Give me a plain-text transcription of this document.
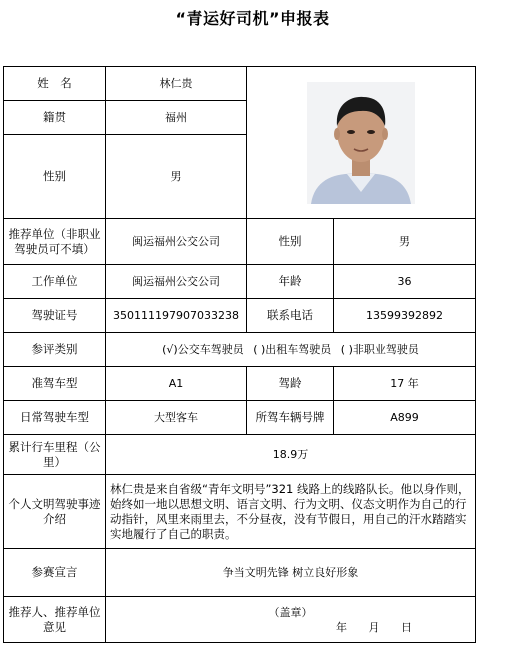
“青运好司机”申报表
姓　名	林仁贵	

籍贯	福州		
性别	男		
推荐单位（非职业驾驶员可不填）	闽运福州公交公司	性别	男
工作单位	闽运福州公交公司	年龄	36
驾驶证号	350111197907033238	联系电话	13599392892
参评类别	(√)公交车驾驶员 ( )出租车驾驶员 ( )非职业驾驶员		
准驾车型	A1	驾龄	17 年
日常驾驶车型	大型客车	所驾车辆号牌	A899
累计行车里程（公里）	18.9万		
个人文明驾驶事迹介绍	林仁贵是来自省级“青年文明号”321 线路上的线路队长。他以身作则，始终如一地以思想文明、语言文明、行为文明、仪态文明作为自己的行动指针，风里来雨里去，不分昼夜，没有节假日，用自己的汗水踏踏实实地履行了自己的职责。		
参赛宣言	争当文明先锋 树立良好形象		
推荐人、推荐单位意见	（盖章）
年 月 日		
